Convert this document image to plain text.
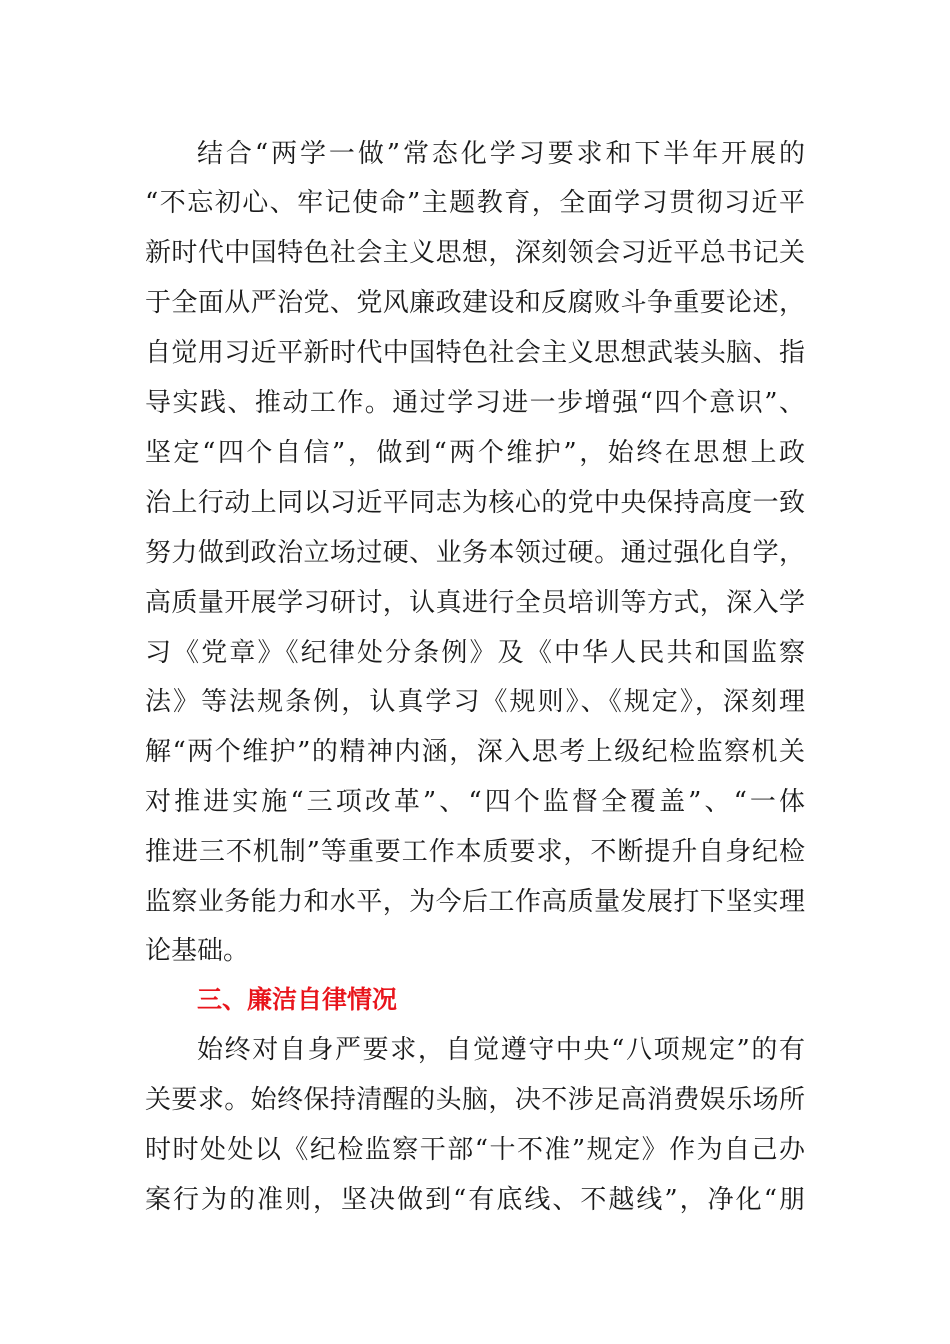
结合“两学一做”常态化学习要求和下半年开展的
“不忘初心、牢记使命”主题教育，全面学习贯彻习近平
新时代中国特色社会主义思想，深刻领会习近平总书记关
于全面从严治党、党风廉政建设和反腐败斗争重要论述，
自觉用习近平新时代中国特色社会主义思想武装头脑、指
导实践、推动工作。通过学习进一步增强“四个意识”、
坚定“四个自信”，做到“两个维护”，始终在思想上政
治上行动上同以习近平同志为核心的党中央保持高度一致
努力做到政治立场过硬、业务本领过硬。通过强化自学，
高质量开展学习研讨，认真进行全员培训等方式，深入学
习《党章》《纪律处分条例》及《中华人民共和国监察
法》等法规条例，认真学习《规则》、《规定》，深刻理
解“两个维护”的精神内涵，深入思考上级纪检监察机关
对推进实施“三项改革”、“四个监督全覆盖”、“一体
推进三不机制”等重要工作本质要求，不断提升自身纪检
监察业务能力和水平，为今后工作高质量发展打下坚实理
论基础。
三、廉洁自律情况
始终对自身严要求，自觉遵守中央“八项规定”的有
关要求。始终保持清醒的头脑，决不涉足高消费娱乐场所
时时处处以《纪检监察干部“十不准”规定》作为自己办
案行为的准则，坚决做到“有底线、不越线”，净化“朋
